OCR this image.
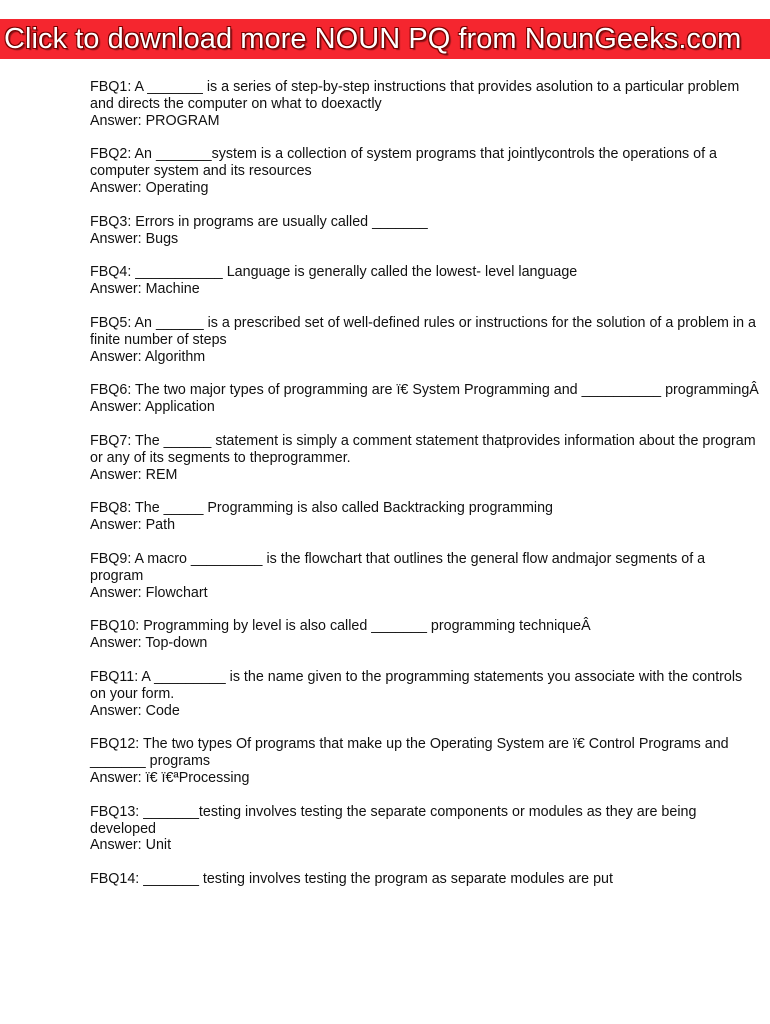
Click to download more NOUN PQ from NounGeeks.com
FBQ1: A _______ is a series of step-by-step instructions that provides asolution to a particular problem and directs the computer on what to doexactly
Answer: PROGRAM
FBQ2: An _______system is a collection of system programs that jointlycontrols the operations of a computer system and its resources
Answer: Operating
FBQ3: Errors in programs are usually called _______
Answer: Bugs
FBQ4: ___________ Language is generally called the lowest- level language
Answer: Machine
FBQ5: An ______ is a prescribed set of well-defined rules or instructions for the solution of a problem in a finite number of steps
Answer: Algorithm
FBQ6: The two major types of programming are ï€ System Programming and __________ programmingÂ
Answer: Application
FBQ7: The ______ statement is simply a comment statement thatprovides information about the program or any of its segments to theprogrammer.
Answer: REM
FBQ8: The _____ Programming is also called Backtracking programming
Answer: Path
FBQ9: A macro _________ is the flowchart that outlines the general flow andmajor segments of a program
Answer: Flowchart
FBQ10: Programming by level is also called _______ programming techniqueÂ
Answer: Top-down
FBQ11: A _________ is the name given to the programming statements you associate with the controls on your form.
Answer: Code
FBQ12: The two types Of programs that make up the Operating System are ï€ Control Programs and _______ programs
Answer: ï€ ï€ªProcessing
FBQ13: _______testing involves testing the separate components or modules as they are being developed
Answer: Unit
FBQ14: _______ testing involves testing the program as separate modules are put
